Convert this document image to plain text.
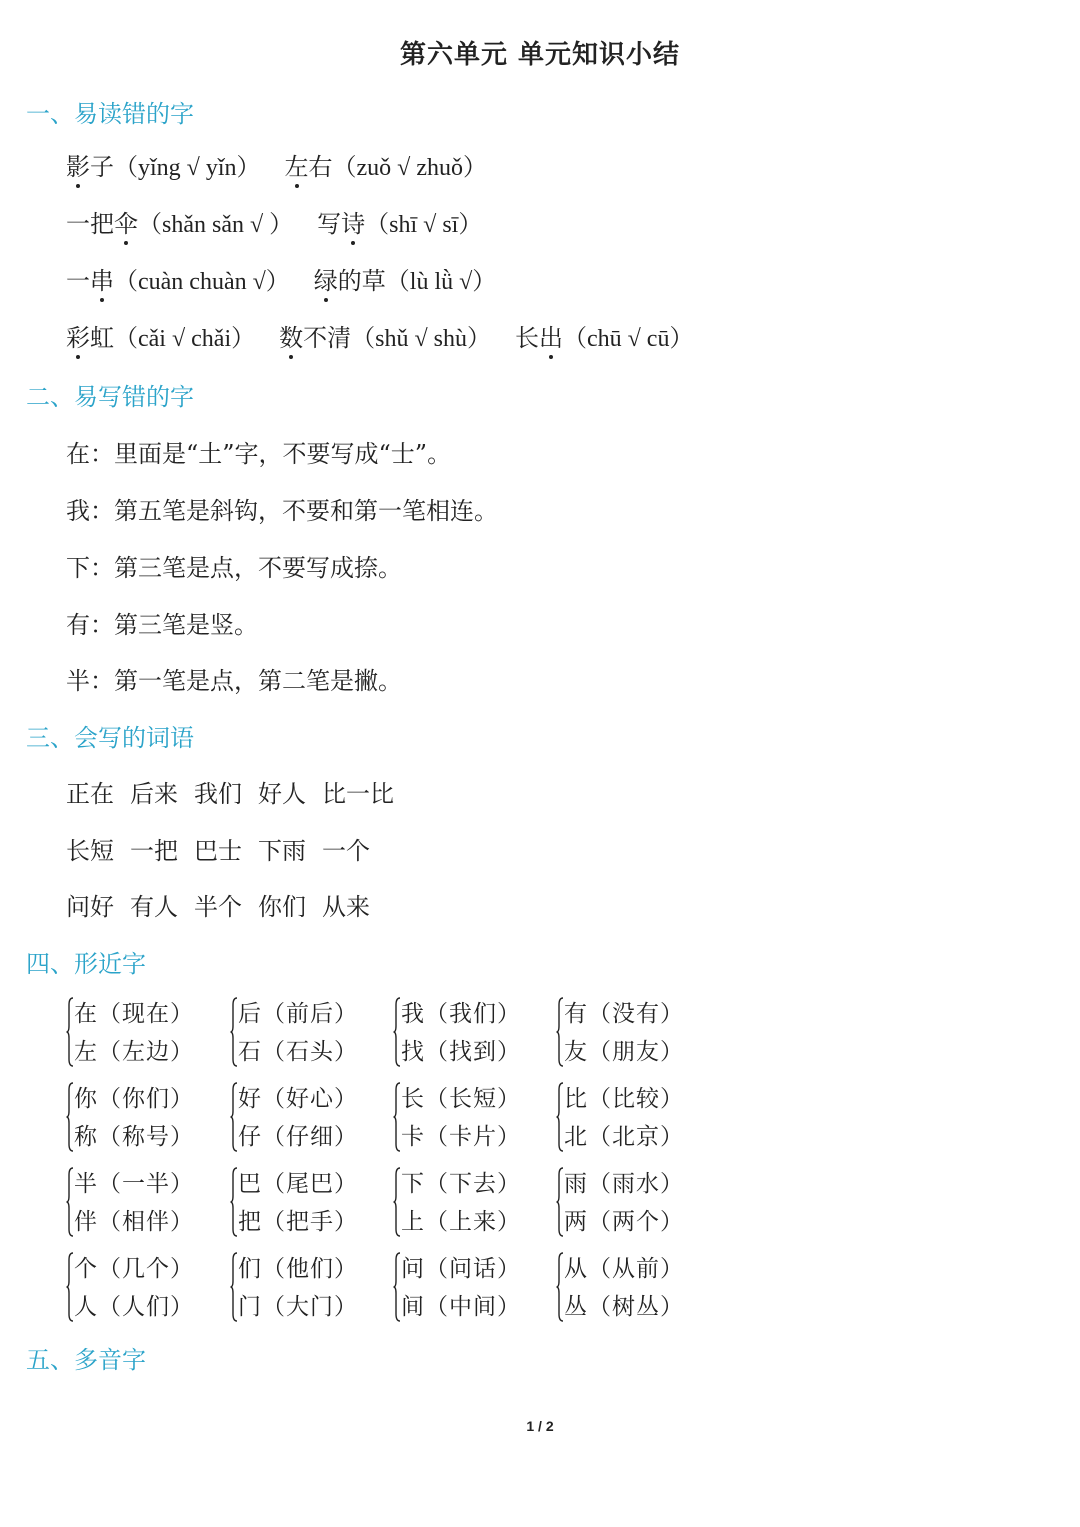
第六单元 单元知识小结
一、易读错的字
影子（yǐng √ yǐn） 左右（zuǒ √ zhuǒ）
一把伞（shǎn sǎn √ ） 写诗（shī √ sī）
一串（cuàn chuàn √） 绿的草（lù lǜ √）
彩虹（cǎi √ chǎi） 数不清（shǔ √ shù） 长出（chū √ cū）
二、易写错的字
在：里面是“土”字，不要写成“士”。
我：第五笔是斜钩，不要和第一笔相连。
下：第三笔是点，不要写成捺。
有：第三笔是竖。
半：第一笔是点，第二笔是撇。
三、会写的词语
正在 后来 我们 好人 比一比
长短 一把 巴士 下雨 一个
问好 有人 半个 你们 从来
四、形近字
在（现在）
左（左边）
后（前后）
石（石头）
我（我们）
找（找到）
有（没有）
友（朋友）
你（你们）
称（称号）
好（好心）
仔（仔细）
长（长短）
卡（卡片）
比（比较）
北（北京）
半（一半）
伴（相伴）
巴（尾巴）
把（把手）
下（下去）
上（上来）
雨（雨水）
两（两个）
个（几个）
人（人们）
们（他们）
门（大门）
问（问话）
间（中间）
从（从前）
丛（树丛）
五、多音字
1 / 2
